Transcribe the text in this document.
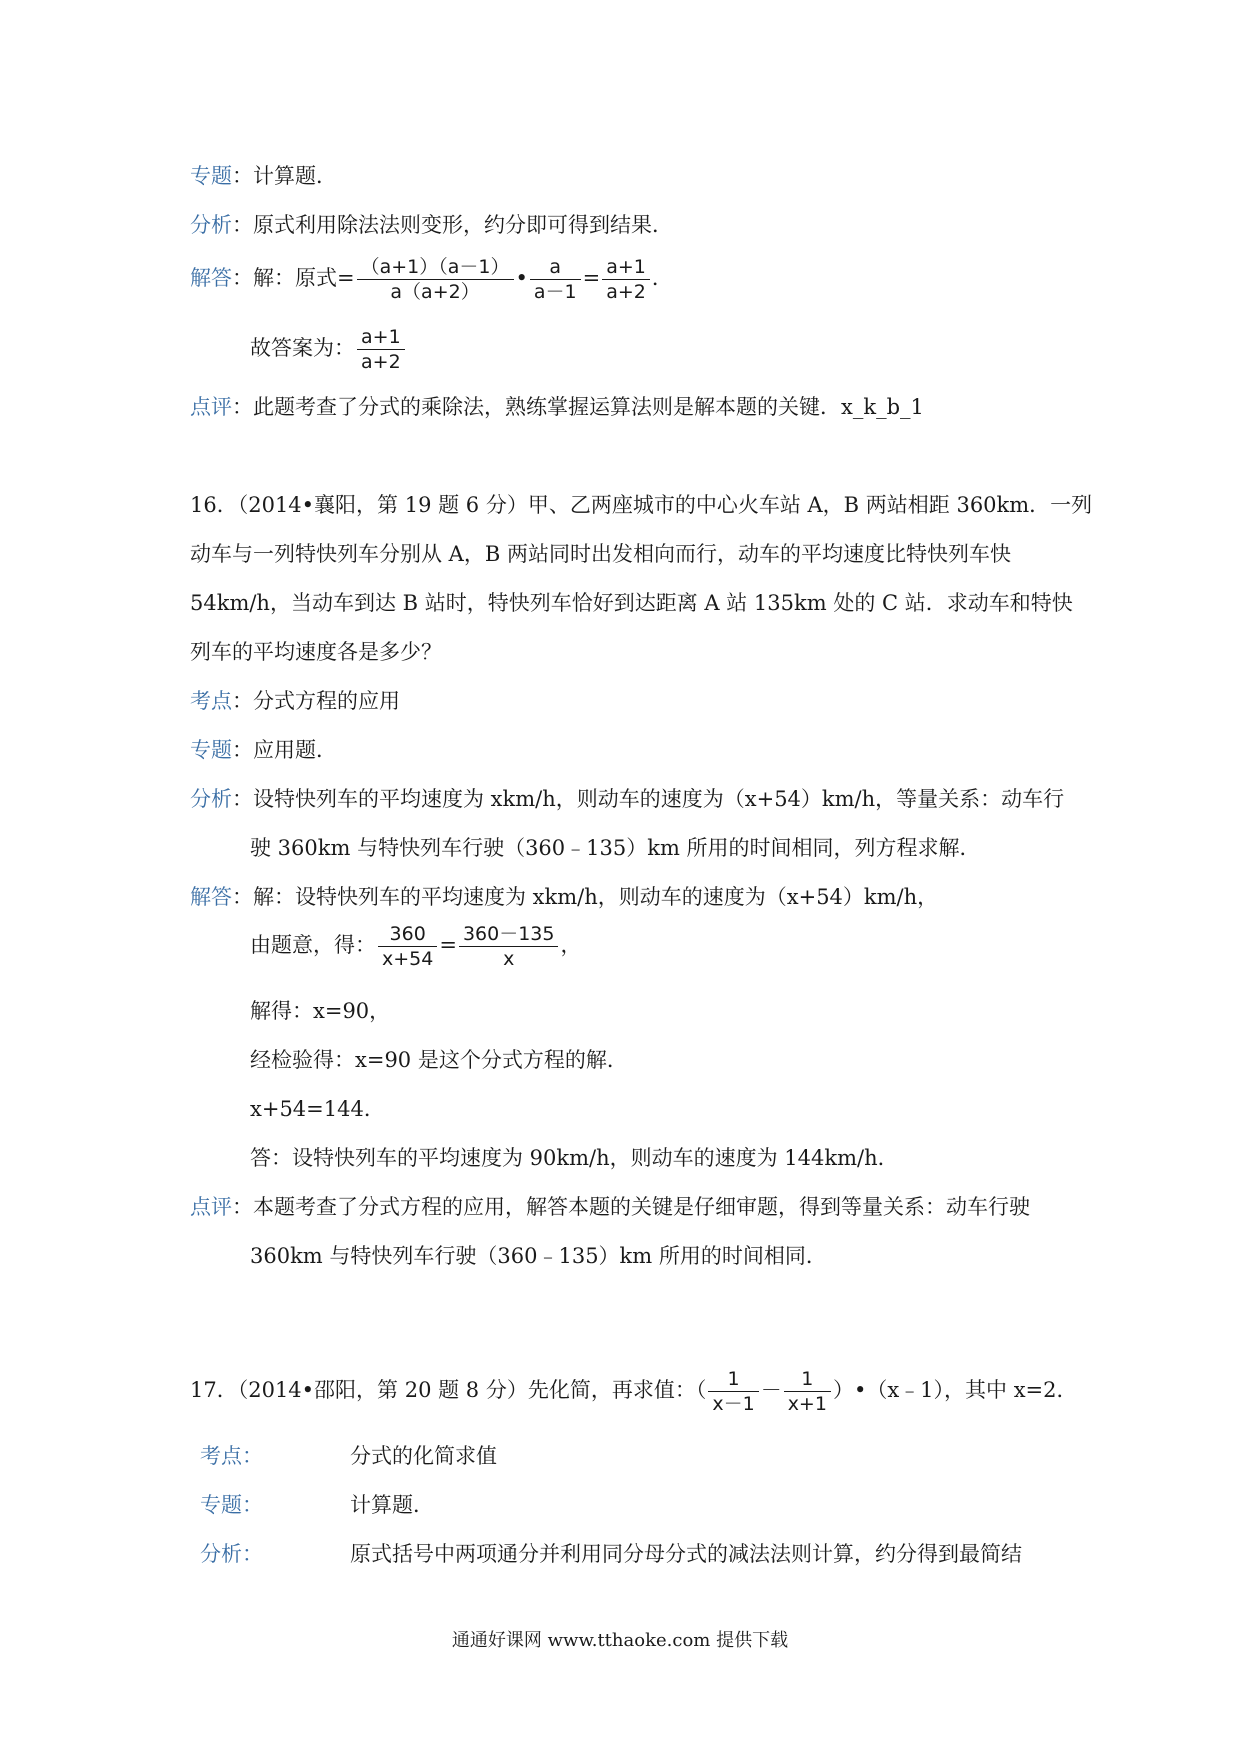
专题：计算题．
分析：原式利用除法法则变形，约分即可得到结果．
解答：解：原式= $\frac{(a+1)(a-1)}{a(a+2)}$ • $\frac{a}{a-1} = \frac{a+1}{a+2}$ ．
故答案为： $\frac{a+1}{a+2}$
点评：此题考查了分式的乘除法，熟练掌握运算法则是解本题的关键．x_k_b_1
16．（2014•襄阳，第 19 题 6 分）甲、乙两座城市的中心火车站 A，B 两站相距 360km．一列
动车与一列特快列车分别从 A，B 两站同时出发相向而行，动车的平均速度比特快列车快
54km/h，当动车到达 B 站时，特快列车恰好到达距离 A 站 135km 处的 C 站．求动车和特快
列车的平均速度各是多少？
考点：分式方程的应用
专题：应用题．
分析：设特快列车的平均速度为 xkm/h，则动车的速度为（x+54）km/h，等量关系：动车行
驶 360km 与特快列车行驶（360﹣135）km 所用的时间相同，列方程求解．
解答：解：设特快列车的平均速度为 xkm/h，则动车的速度为（x+54）km/h，
由题意，得： $\frac{360}{x+54} = \frac{360-135}{x}$ ，
解得：x=90，
经检验得：x=90 是这个分式方程的解．
x+54=144．
答：设特快列车的平均速度为 90km/h，则动车的速度为 144km/h．
点评：本题考查了分式方程的应用，解答本题的关键是仔细审题，得到等量关系：动车行驶
360km 与特快列车行驶（360﹣135）km 所用的时间相同．
17．（2014•邵阳，第 20 题 8 分）先化简，再求值：（ $\frac{1}{x-1} - \frac{1}{x+1}$ ）•（x﹣1），其中 x=2．
考点：	分式的化简求值
专题：	计算题．
分析：	原式括号中两项通分并利用同分母分式的减法法则计算，约分得到最简结
通通好课网 www.tthaoke.com 提供下载
